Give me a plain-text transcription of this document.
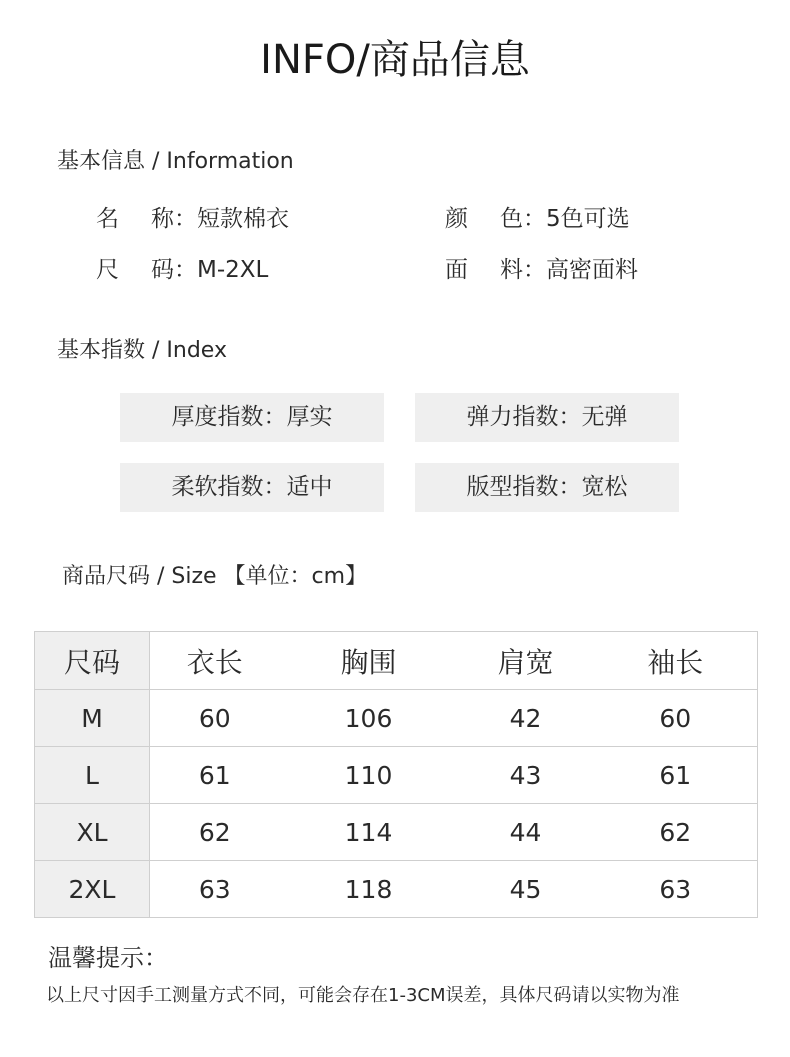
INFO/商品信息
基本信息 / Information
名 称：短款棉衣	颜 色：5色可选
尺 码：M-2XL	面 料：高密面料
基本指数 / Index
厚度指数：厚实	弹力指数：无弹
柔软指数：适中	版型指数：宽松
商品尺码 / Size 【单位：cm】
尺码	衣长	胸围	肩宽	袖长
M	60	106	42	60
L	61	110	43	61
XL	62	114	44	62
2XL	63	118	45	63
温馨提示：
以上尺寸因手工测量方式不同，可能会存在1-3CM误差，具体尺码请以实物为准
